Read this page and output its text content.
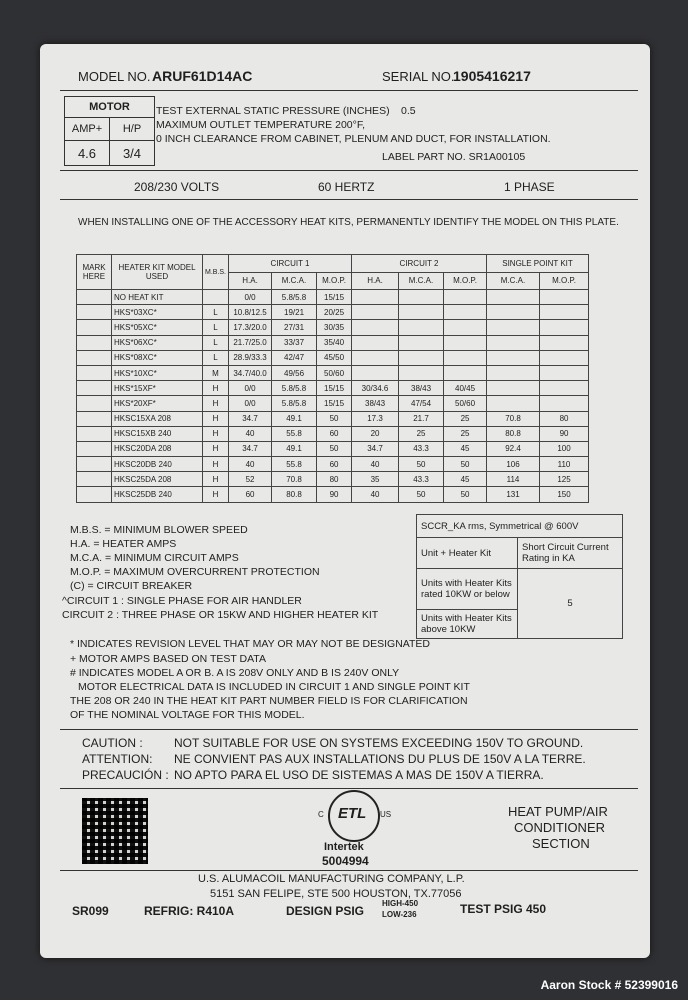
MODEL NO. ARUF61D14AC	SERIAL NO.
1905416217
MOTOR	
AMP+	H/P
4.6	3/4
TEST EXTERNAL STATIC PRESSURE (INCHES) 0.5
MAXIMUM OUTLET TEMPERATURE 200°F,
0 INCH CLEARANCE FROM CABINET, PLENUM AND DUCT, FOR INSTALLATION.
LABEL PART NO. SR1A00105
208/230 VOLTS	60 HERTZ	1 PHASE
WHEN INSTALLING ONE OF THE ACCESSORY HEAT KITS, PERMANENTLY IDENTIFY THE MODEL ON THIS PLATE.
MARK HERE	HEATER KIT MODEL USED	M.B.S.	CIRCUIT 1			CIRCUIT 2			SINGLE POINT KIT	
			H.A.	M.C.A.	M.O.P.	H.A.	M.C.A.	M.O.P.	M.C.A.	M.O.P.
	NO HEAT KIT		0/0	5.8/5.8	15/15					
	HKS*03XC*	L	10.8/12.5	19/21	20/25					
	HKS*05XC*	L	17.3/20.0	27/31	30/35					
	HKS*06XC*	L	21.7/25.0	33/37	35/40					
	HKS*08XC*	L	28.9/33.3	42/47	45/50					
	HKS*10XC*	M	34.7/40.0	49/56	50/60					
	HKS*15XF*	H	0/0	5.8/5.8	15/15	30/34.6	38/43	40/45		
	HKS*20XF*	H	0/0	5.8/5.8	15/15	38/43	47/54	50/60		
	HKSC15XA 208	H	34.7	49.1	50	17.3	21.7	25	70.8	80
	HKSC15XB 240	H	40	55.8	60	20	25	25	80.8	90
	HKSC20DA 208	H	34.7	49.1	50	34.7	43.3	45	92.4	100
	HKSC20DB 240	H	40	55.8	60	40	50	50	106	110
	HKSC25DA 208	H	52	70.8	80	35	43.3	45	114	125
	HKSC25DB 240	H	60	80.8	90	40	50	50	131	150
M.B.S. = MINIMUM BLOWER SPEED
H.A. = HEATER AMPS
M.C.A. = MINIMUM CIRCUIT AMPS
M.O.P. = MAXIMUM OVERCURRENT PROTECTION
(C) = CIRCUIT BREAKER
^CIRCUIT 1 : SINGLE PHASE FOR AIR HANDLER
CIRCUIT 2 : THREE PHASE OR 15KW AND HIGHER HEATER KIT
SCCR_KA rms, Symmetrical @ 600V	
Unit + Heater Kit	Short Circuit Current Rating in KA
Units with Heater Kits rated 10KW or below	5
Units with Heater Kits above 10KW	
* INDICATES REVISION LEVEL THAT MAY OR MAY NOT BE DESIGNATED
+ MOTOR AMPS BASED ON TEST DATA
# INDICATES MODEL A OR B. A IS 208V ONLY AND B IS 240V ONLY
MOTOR ELECTRICAL DATA IS INCLUDED IN CIRCUIT 1 AND SINGLE POINT KIT
THE 208 OR 240 IN THE HEAT KIT PART NUMBER FIELD IS FOR CLARIFICATION
OF THE NOMINAL VOLTAGE FOR THIS MODEL.
CAUTION :	NOT SUITABLE FOR USE ON SYSTEMS EXCEEDING 150V TO GROUND.
ATTENTION: NE CONVIENT PAS AUX INSTALLATIONS DU PLUS DE 150V A LA TERRE.
PRECAUCIÓN : NO APTO PARA EL USO DE SISTEMAS A MAS DE 150V A TIERRA.
C ETL US
Intertek
5004994
HEAT PUMP/AIR
CONDITIONER
SECTION
U.S. ALUMACOIL MANUFACTURING COMPANY, L.P.
5151 SAN FELIPE, STE 500 HOUSTON, TX.77056
SR099	REFRIG: R410A	DESIGN PSIG
HIGH-450
LOW-236	TEST PSIG 450
Aaron Stock # 52399016
